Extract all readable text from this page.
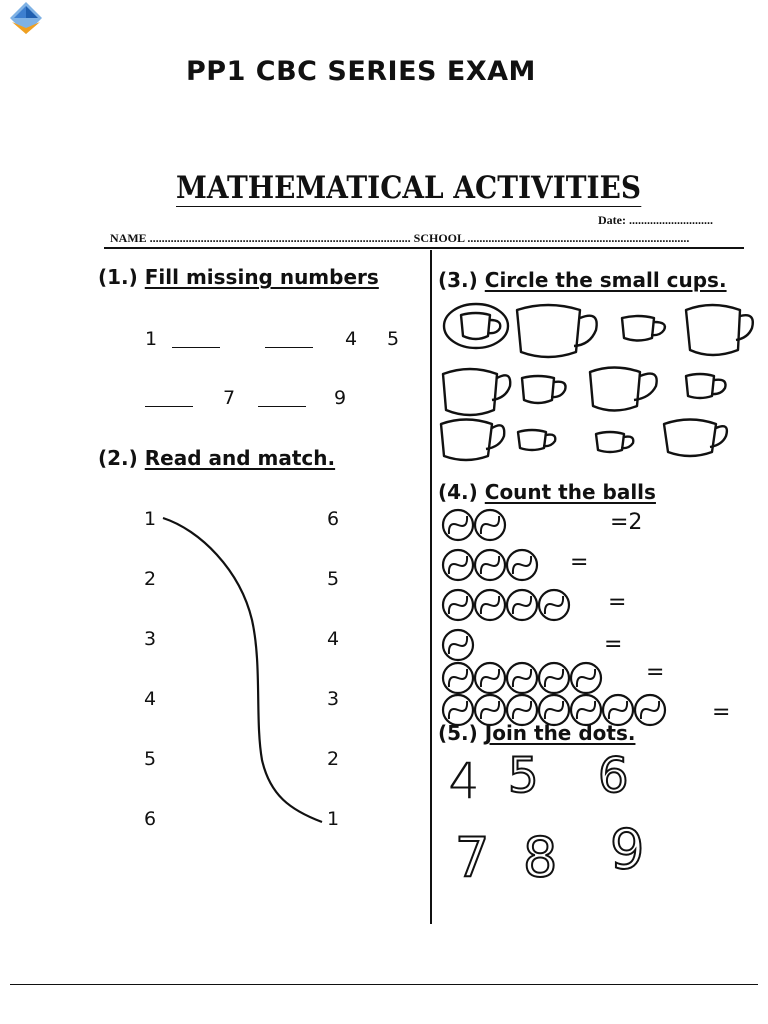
PP1 CBC SERIES EXAM
MATHEMATICAL ACTIVITIES
Date: ............................
NAME ....................................................................................... SCHOOL ..........................................................................
(1.) Fill missing numbers
1	4 5
7	9
(2.) Read and match.
1
2
3
4
5
6
6
5
4
3
2
1
(3.) Circle the small cups.
(4.) Count the balls
=2
=
=
=
=
=
(5.) Join the dots.
4 5 6
7 8 9
